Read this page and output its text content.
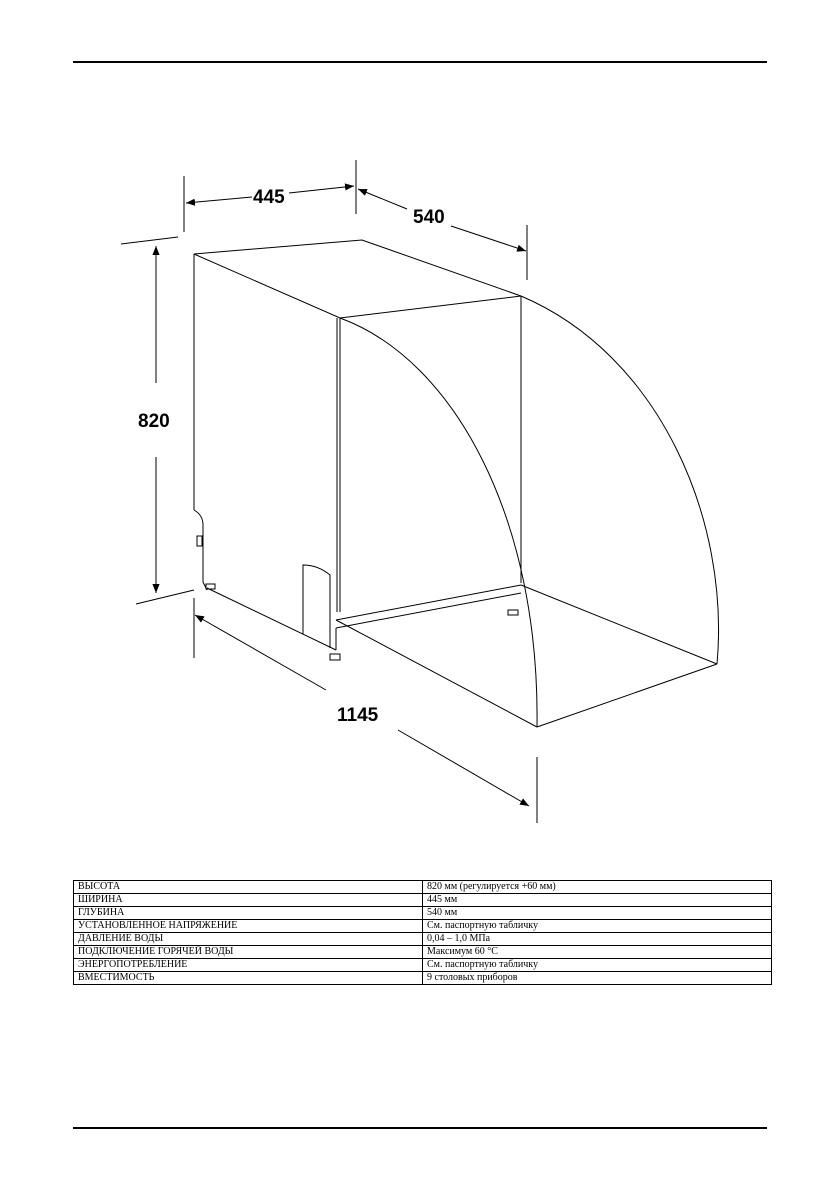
445
540
820
1145
ВЫСОТА	820 мм (регулируется +60 мм)
ШИРИНА	445 мм
ГЛУБИНА	540 мм
УСТАНОВЛЕННОЕ НАПРЯЖЕНИЕ	См. паспортную табличку
ДАВЛЕНИЕ ВОДЫ	0,04 – 1,0 МПа
ПОДКЛЮЧЕНИЕ ГОРЯЧЕЙ ВОДЫ	Максимум 60 °C
ЭНЕРГОПОТРЕБЛЕНИЕ	См. паспортную табличку
ВМЕСТИМОСТЬ	9 столовых приборов
